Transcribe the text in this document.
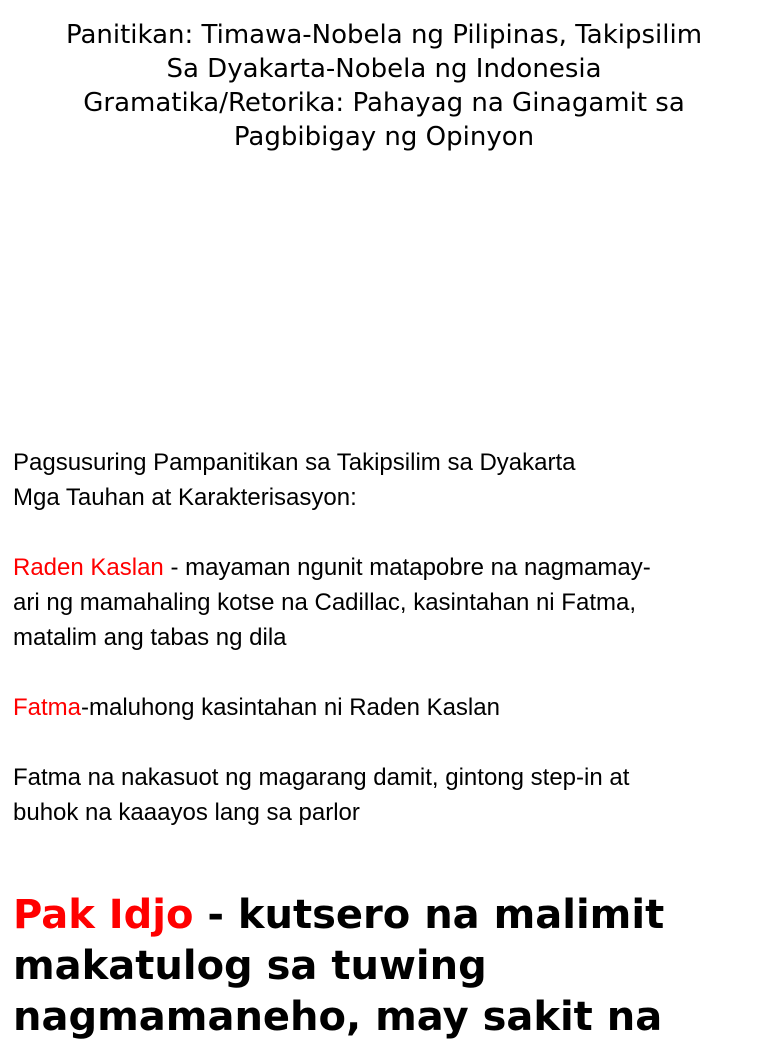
Panitikan: Timawa-Nobela ng Pilipinas, Takipsilim
Sa Dyakarta-Nobela ng Indonesia
Gramatika/Retorika: Pahayag na Ginagamit sa
Pagbibigay ng Opinyon
Pagsusuring Pampanitikan sa Takipsilim sa Dyakarta
Mga Tauhan at Karakterisasyon:
Raden Kaslan - mayaman ngunit matapobre na nagmamay-
ari ng mamahaling kotse na Cadillac, kasintahan ni Fatma,
matalim ang tabas ng dila
Fatma-maluhong kasintahan ni Raden Kaslan
Fatma na nakasuot ng magarang damit, gintong step-in at
buhok na kaaayos lang sa parlor
Pak Idjo - kutsero na malimit
makatulog sa tuwing
nagmamaneho, may sakit na
